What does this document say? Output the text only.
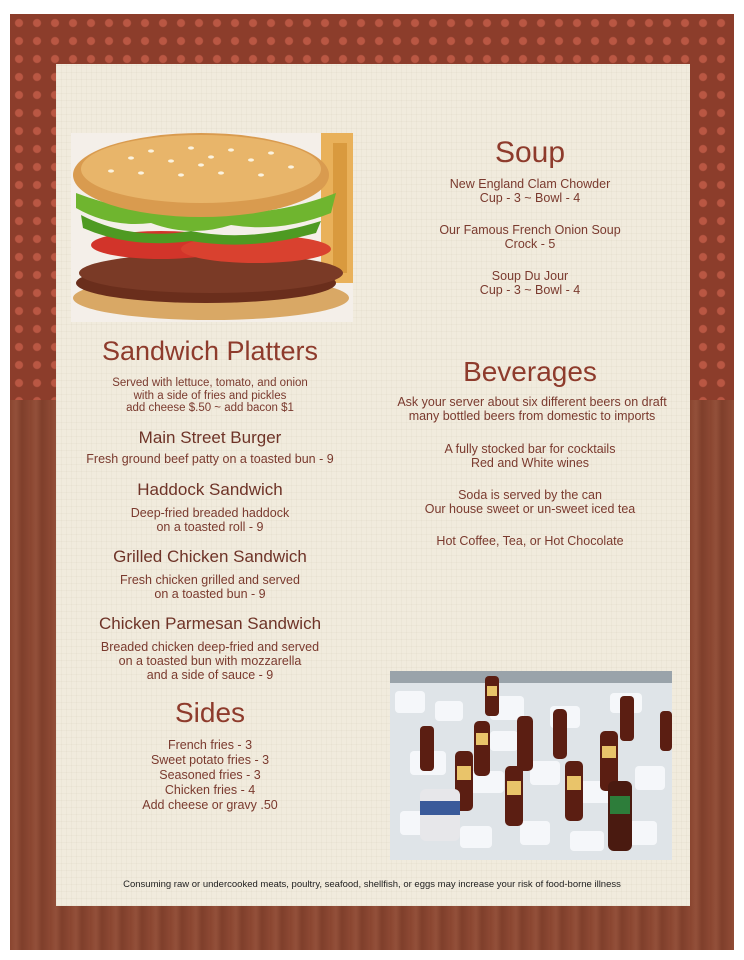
Soup
New England Clam Chowder
Cup - 3 ~ Bowl - 4
Our Famous French Onion Soup
Crock - 5
Soup Du Jour
Cup - 3 ~ Bowl - 4
Sandwich Platters
Served with lettuce, tomato, and onion
with a side of fries and pickles
add cheese $.50 ~ add bacon $1
Main Street Burger
Fresh ground beef patty on a toasted bun - 9
Haddock Sandwich
Deep-fried breaded haddock
on a toasted roll - 9
Grilled Chicken Sandwich
Fresh chicken grilled and served
on a toasted bun - 9
Chicken Parmesan Sandwich
Breaded chicken deep-fried and served
on a toasted bun with mozzarella
and a side of sauce - 9
Sides
French fries - 3
Sweet potato fries - 3
Seasoned fries - 3
Chicken fries - 4
Add cheese or gravy .50
Beverages
Ask your server about six different beers on draft
many bottled beers from domestic to imports
A fully stocked bar for cocktails
Red and White wines
Soda is served by the can
Our house sweet or un-sweet iced tea
Hot Coffee, Tea, or Hot Chocolate
Consuming raw or undercooked meats, poultry, seafood, shellfish, or eggs may increase your risk of food-borne illness
